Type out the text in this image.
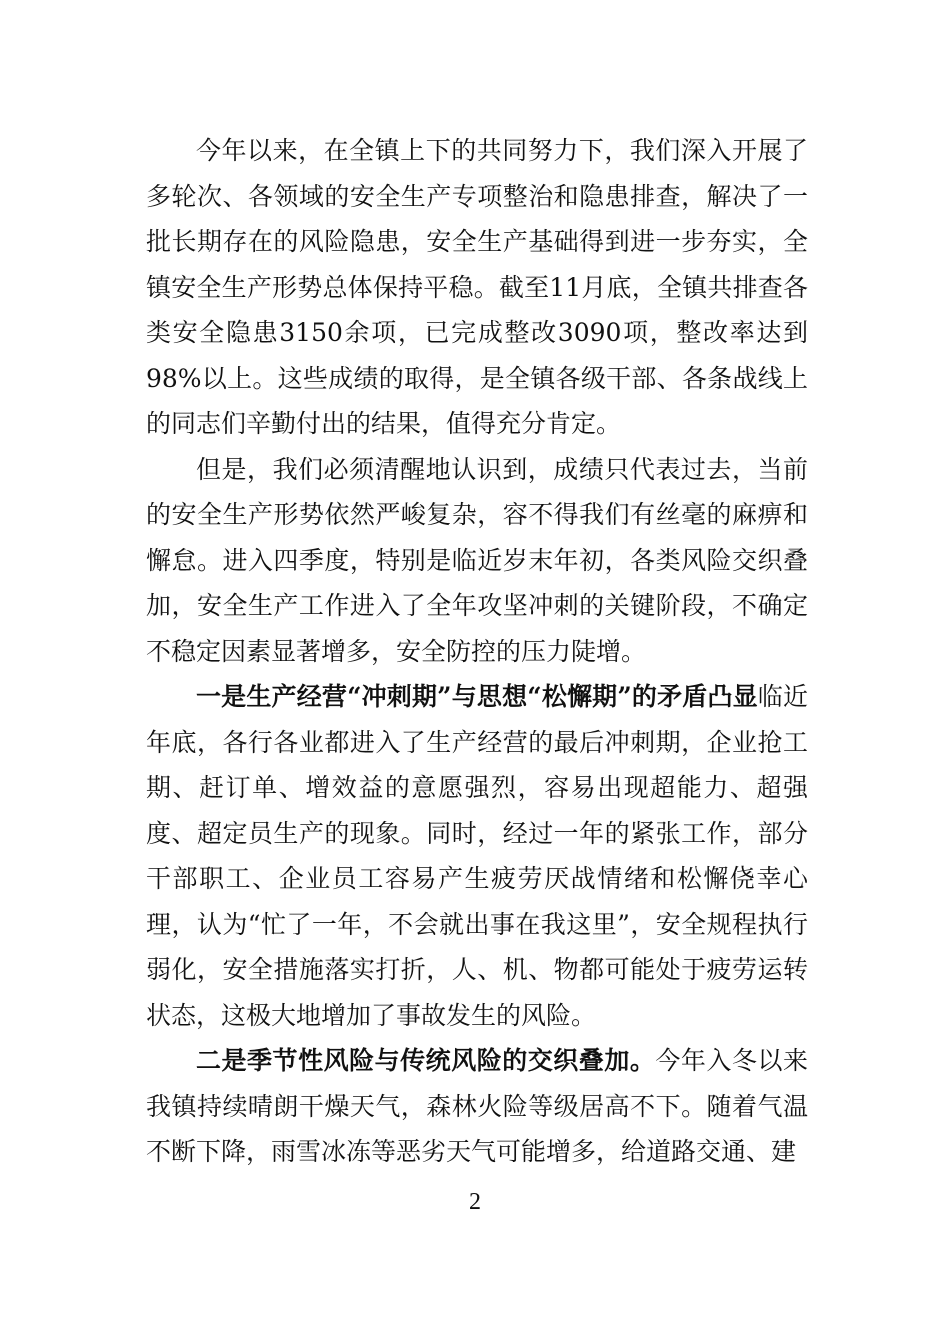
今年以来，在全镇上下的共同努力下，我们深入开展了多轮次、各领域的安全生产专项整治和隐患排查，解决了一批长期存在的风险隐患，安全生产基础得到进一步夯实，全镇安全生产形势总体保持平稳。截至11月底，全镇共排查各类安全隐患3150余项，已完成整改3090项，整改率达到98%以上。这些成绩的取得，是全镇各级干部、各条战线上的同志们辛勤付出的结果，值得充分肯定。

但是，我们必须清醒地认识到，成绩只代表过去，当前的安全生产形势依然严峻复杂，容不得我们有丝毫的麻痹和懈怠。进入四季度，特别是临近岁末年初，各类风险交织叠加，安全生产工作进入了全年攻坚冲刺的关键阶段，不确定不稳定因素显著增多，安全防控的压力陡增。

一是生产经营“冲刺期”与思想“松懈期”的矛盾凸显临近年底，各行各业都进入了生产经营的最后冲刺期，企业抢工期、赶订单、增效益的意愿强烈，容易出现超能力、超强度、超定员生产的现象。同时，经过一年的紧张工作，部分干部职工、企业员工容易产生疲劳厌战情绪和松懈侥幸心理，认为“忙了一年，不会就出事在我这里”，安全规程执行弱化，安全措施落实打折，人、机、物都可能处于疲劳运转状态，这极大地增加了事故发生的风险。

二是季节性风险与传统风险的交织叠加。今年入冬以来我镇持续晴朗干燥天气，森林火险等级居高不下。随着气温不断下降，雨雪冰冻等恶劣天气可能增多，给道路交通、建

2
